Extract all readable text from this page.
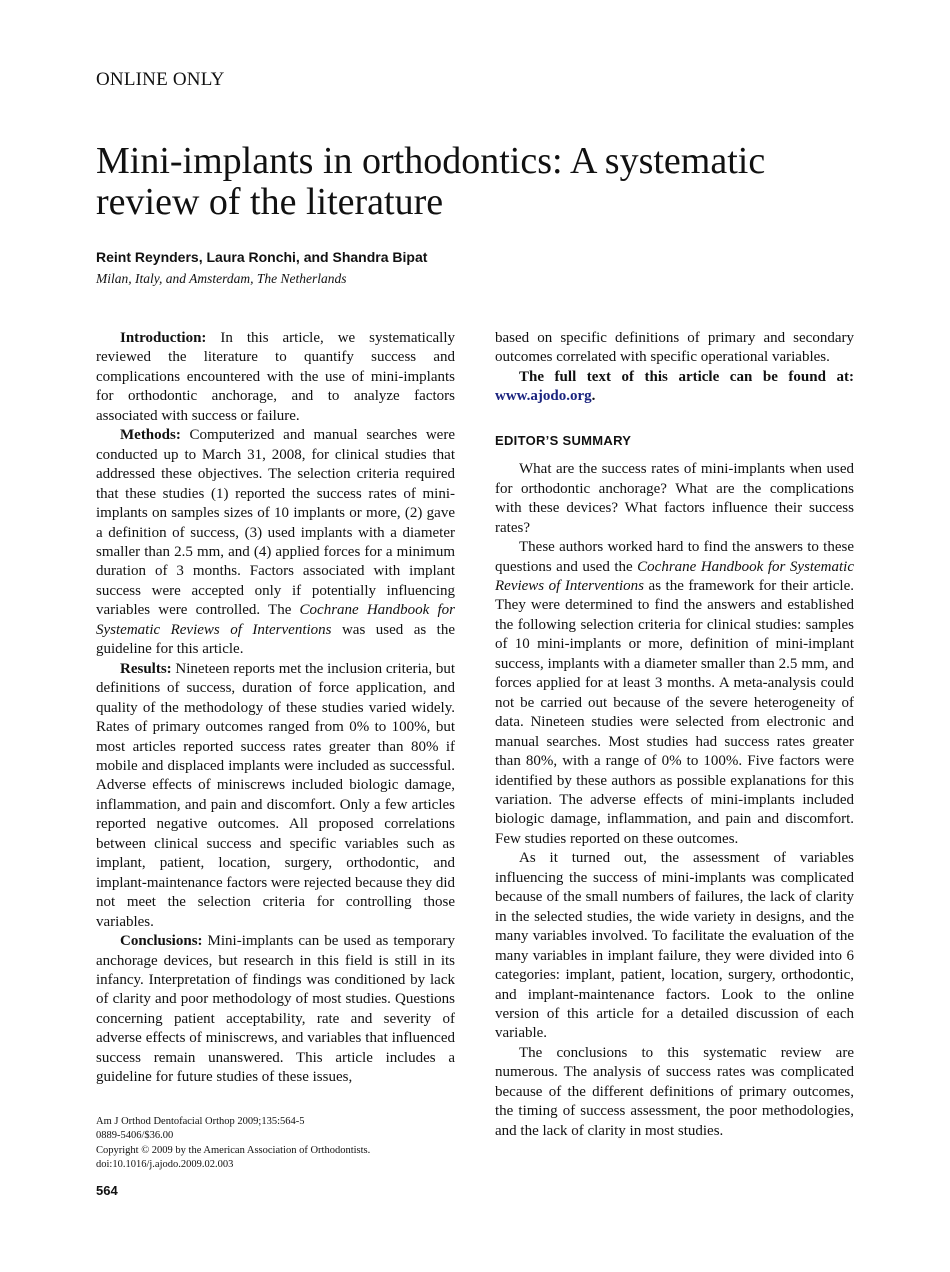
ONLINE ONLY
Mini-implants in orthodontics: A systematic review of the literature
Reint Reynders, Laura Ronchi, and Shandra Bipat
Milan, Italy, and Amsterdam, The Netherlands

Introduction: In this article, we systematically reviewed the literature to quantify success and complications encountered with the use of mini-implants for orthodontic anchorage, and to analyze factors associated with success or failure.

Methods: Computerized and manual searches were conducted up to March 31, 2008, for clinical studies that addressed these objectives. The selection criteria required that these studies (1) reported the success rates of mini-implants on samples sizes of 10 implants or more, (2) gave a definition of success, (3) used implants with a diameter smaller than 2.5 mm, and (4) applied forces for a minimum duration of 3 months. Factors associated with implant success were accepted only if potentially influencing variables were controlled. The Cochrane Handbook for Systematic Reviews of Interventions was used as the guideline for this article.

Results: Nineteen reports met the inclusion criteria, but definitions of success, duration of force application, and quality of the methodology of these studies varied widely. Rates of primary outcomes ranged from 0% to 100%, but most articles reported success rates greater than 80% if mobile and displaced implants were included as successful. Adverse effects of miniscrews included biologic damage, inflammation, and pain and discomfort. Only a few articles reported negative outcomes. All proposed correlations between clinical success and specific variables such as implant, patient, location, surgery, orthodontic, and implant-maintenance factors were rejected because they did not meet the selection criteria for controlling those variables.

Conclusions: Mini-implants can be used as temporary anchorage devices, but research in this field is still in its infancy. Interpretation of findings was conditioned by lack of clarity and poor methodology of most studies. Questions concerning patient acceptability, rate and severity of adverse effects of miniscrews, and variables that influenced success remain unanswered. This article includes a guideline for future studies of these issues,

based on specific definitions of primary and secondary outcomes correlated with specific operational variables.

The full text of this article can be found at: www.ajodo.org.

EDITOR’S SUMMARY

What are the success rates of mini-implants when used for orthodontic anchorage? What are the complications with these devices? What factors influence their success rates?

These authors worked hard to find the answers to these questions and used the Cochrane Handbook for Systematic Reviews of Interventions as the framework for their article. They were determined to find the answers and established the following selection criteria for clinical studies: samples of 10 mini-implants or more, definition of mini-implant success, implants with a diameter smaller than 2.5 mm, and forces applied for at least 3 months. A meta-analysis could not be carried out because of the severe heterogeneity of data. Nineteen studies were selected from electronic and manual searches. Most studies had success rates greater than 80%, with a range of 0% to 100%. Five factors were identified by these authors as possible explanations for this variation. The adverse effects of mini-implants included biologic damage, inflammation, and pain and discomfort. Few studies reported on these outcomes.

As it turned out, the assessment of variables influencing the success of mini-implants was complicated because of the small numbers of failures, the lack of clarity in the selected studies, the wide variety in designs, and the many variables involved. To facilitate the evaluation of the many variables in implant failure, they were divided into 6 categories: implant, patient, location, surgery, orthodontic, and implant-maintenance factors. Look to the online version of this article for a detailed discussion of each variable.

The conclusions to this systematic review are numerous. The analysis of success rates was complicated because of the different definitions of primary outcomes, the timing of success assessment, the poor methodologies, and the lack of clarity in most studies.

Am J Orthod Dentofacial Orthop 2009;135:564-5
0889-5406/$36.00
Copyright © 2009 by the American Association of Orthodontists.
doi:10.1016/j.ajodo.2009.02.003
564
